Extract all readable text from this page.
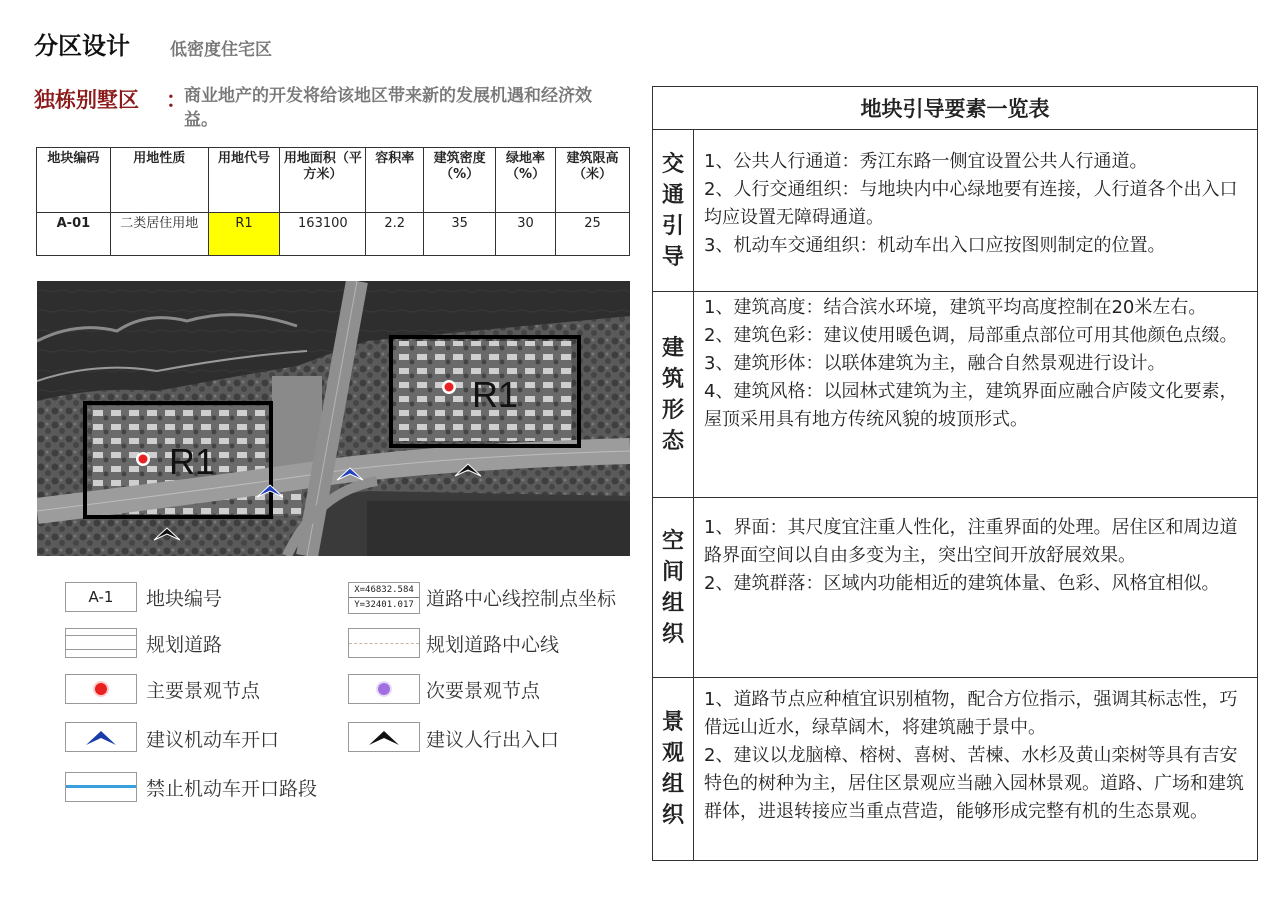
分区设计 低密度住宅区
独栋别墅区 ：
商业地产的开发将给该地区带来新的发展机遇和经济效益。
地块编码	用地性质	用地代号	用地面积（平方米）	容积率	建筑密度（%）	绿地率（%）	建筑限高（米）
A-01	二类居住用地	R1	163100	2.2	35	30	25
R1
R1
A-1	地块编号	X=46832.584
Y=32401.017 道路中心线控制点坐标
规划道路	规划道路中心线
主要景观节点	次要景观节点
建议机动车开口	建议人行出入口
禁止机动车开口路段
地块引导要素一览表	
交通引导	1、公共人行通道：秀江东路一侧宜设置公共人行通道。

2、人行交通组织：与地块内中心绿地要有连接，人行道各个出入口均应设置无障碍通道。

3、机动车交通组织：机动车出入口应按图则制定的位置。

建筑形态	1、建筑高度：结合滨水环境，建筑平均高度控制在20米左右。

2、建筑色彩：建议使用暖色调，局部重点部位可用其他颜色点缀。

3、建筑形体：以联体建筑为主，融合自然景观进行设计。

4、建筑风格：以园林式建筑为主，建筑界面应融合庐陵文化要素，屋顶采用具有地方传统风貌的坡顶形式。

空间组织	1、界面：其尺度宜注重人性化，注重界面的处理。居住区和周边道路界面空间以自由多变为主，突出空间开放舒展效果。

2、建筑群落：区域内功能相近的建筑体量、色彩、风格宜相似。

景观组织	1、道路节点应种植宜识别植物，配合方位指示，强调其标志性，巧借远山近水，绿草阔木，将建筑融于景中。

2、建议以龙脑樟、榕树、喜树、苦楝、水杉及黄山栾树等具有吉安特色的树种为主，居住区景观应当融入园林景观。道路、广场和建筑群体，进退转接应当重点营造，能够形成完整有机的生态景观。
